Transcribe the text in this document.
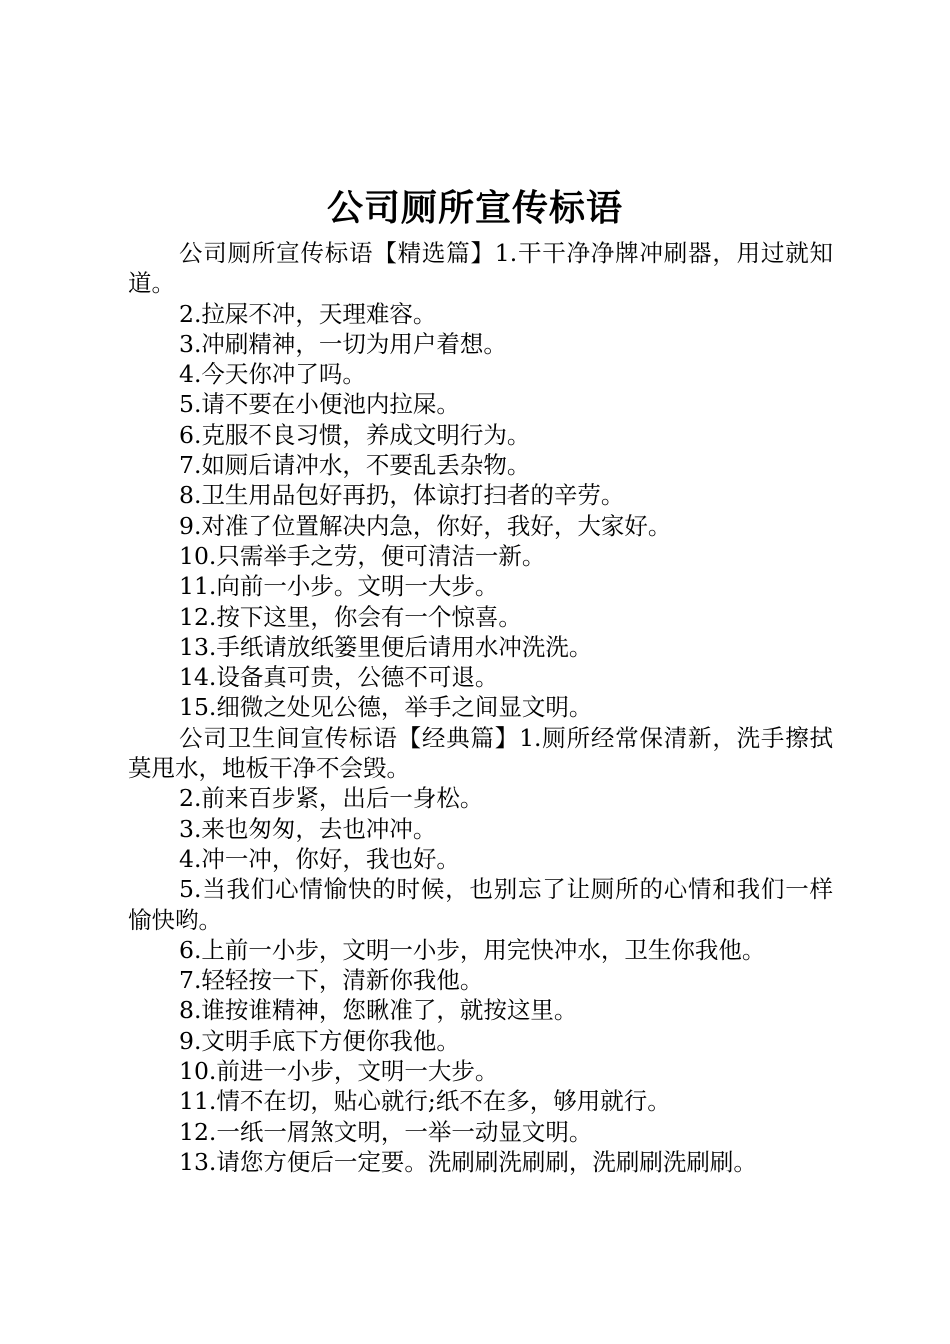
公司厕所宣传标语

公司厕所宣传标语【精选篇】1.干干净净牌冲刷器，用过就知道。

2.拉屎不冲，天理难容。

3.冲刷精神，一切为用户着想。

4.今天你冲了吗。

5.请不要在小便池内拉屎。

6.克服不良习惯，养成文明行为。

7.如厕后请冲水，不要乱丢杂物。

8.卫生用品包好再扔，体谅打扫者的辛劳。

9.对准了位置解决内急，你好，我好，大家好。

10.只需举手之劳，便可清洁一新。

11.向前一小步。文明一大步。

12.按下这里，你会有一个惊喜。

13.手纸请放纸篓里便后请用水冲洗洗。

14.设备真可贵，公德不可退。

15.细微之处见公德，举手之间显文明。

公司卫生间宣传标语【经典篇】1.厕所经常保清新，洗手擦拭莫甩水，地板干净不会毁。

2.前来百步紧，出后一身松。

3.来也匆匆，去也冲冲。

4.冲一冲，你好，我也好。

5.当我们心情愉快的时候，也别忘了让厕所的心情和我们一样愉快哟。

6.上前一小步，文明一小步，用完快冲水，卫生你我他。

7.轻轻按一下，清新你我他。

8.谁按谁精神，您瞅准了，就按这里。

9.文明手底下方便你我他。

10.前进一小步，文明一大步。

11.情不在切，贴心就行;纸不在多，够用就行。

12.一纸一屑煞文明，一举一动显文明。

13.请您方便后一定要。洗刷刷洗刷刷，洗刷刷洗刷刷。
